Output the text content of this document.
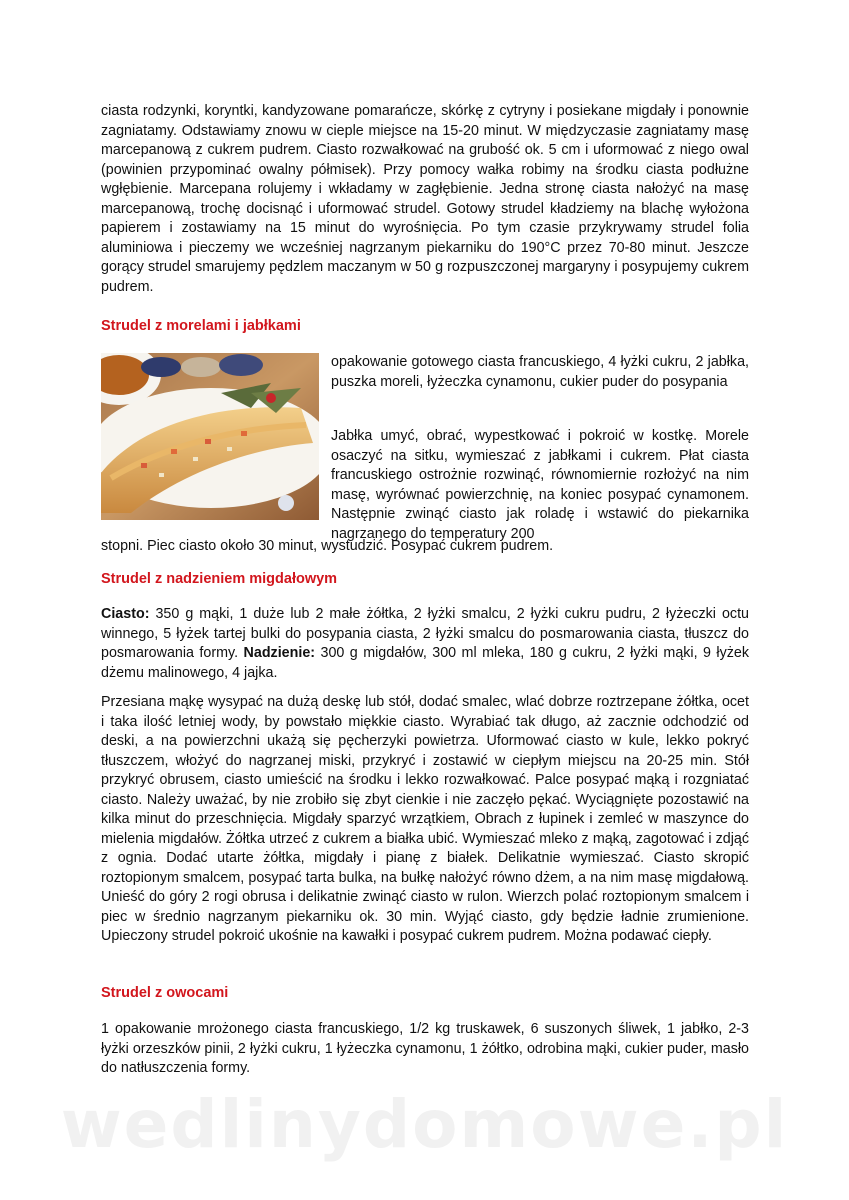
ciasta rodzynki, koryntki, kandyzowane pomarańcze, skórkę z cytryny i posiekane migdały i ponownie zagniatamy. Odstawiamy znowu w cieple miejsce na 15-20 minut. W międzyczasie zagniatamy masę marcepanową z cukrem pudrem. Ciasto rozwałkować na grubość ok. 5 cm i uformować z niego owal (powinien przypominać owalny półmisek). Przy pomocy wałka robimy na środku ciasta podłużne wgłębienie. Marcepana rolujemy i wkładamy w zagłębienie. Jedna stronę ciasta nałożyć na masę marcepanową, trochę docisnąć i uformować strudel. Gotowy strudel kładziemy na blachę wyłożona papierem i zostawiamy na 15 minut do wyrośnięcia. Po tym czasie przykrywamy strudel folia aluminiowa i pieczemy we wcześniej nagrzanym piekarniku do 190°C przez 70-80 minut. Jeszcze gorący strudel smarujemy pędzlem maczanym w 50 g rozpuszczonej margaryny i posypujemy cukrem pudrem.

Strudel z morelami i jabłkami

opakowanie gotowego ciasta francuskiego, 4 łyżki cukru, 2 jabłka, puszka moreli, łyżeczka cynamonu, cukier puder do posypania

Jabłka umyć, obrać, wypestkować i pokroić w kostkę. Morele osaczyć na sitku, wymieszać z jabłkami i cukrem. Płat ciasta francuskiego ostrożnie rozwinąć, równomiernie rozłożyć na nim masę, wyrównać powierzchnię, na koniec posypać cynamonem. Następnie zwinąć ciasto jak roladę i wstawić do piekarnika nagrzanego do temperatury 200

stopni. Piec ciasto około 30 minut, wystudzić. Posypać cukrem pudrem.

Strudel z nadzieniem migdałowym

Ciasto: 350 g mąki, 1 duże lub 2 małe żółtka, 2 łyżki smalcu, 2 łyżki cukru pudru, 2 łyżeczki octu winnego, 5 łyżek tartej bulki do posypania ciasta, 2 łyżki smalcu do posmarowania ciasta, tłuszcz do posmarowania formy. Nadzienie: 300 g migdałów, 300 ml mleka, 180 g cukru, 2 łyżki mąki, 9 łyżek dżemu malinowego, 4 jajka.

Przesiana mąkę wysypać na dużą deskę lub stół, dodać smalec, wlać dobrze roztrzepane żółtka, ocet i taka ilość letniej wody, by powstało miękkie ciasto. Wyrabiać tak długo, aż zacznie odchodzić od deski, a na powierzchni ukażą się pęcherzyki powietrza. Uformować ciasto w kule, lekko pokryć tłuszczem, włożyć do nagrzanej miski, przykryć i zostawić w ciepłym miejscu na 20-25 min. Stół przykryć obrusem, ciasto umieścić na środku i lekko rozwałkować. Palce posypać mąką i rozgniatać ciasto. Należy uważać, by nie zrobiło się zbyt cienkie i nie zaczęło pękać. Wyciągnięte pozostawić na kilka minut do przeschnięcia. Migdały sparzyć wrzątkiem, Obrach z łupinek i zemleć w maszynce do mielenia migdałów. Żółtka utrzeć z cukrem a białka ubić. Wymieszać mleko z mąką, zagotować i zdjąć z ognia. Dodać utarte żółtka, migdały i pianę z białek. Delikatnie wymieszać. Ciasto skropić roztopionym smalcem, posypać tarta bulka, na bułkę nałożyć równo dżem, a na nim masę migdałową. Unieść do góry 2 rogi obrusa i delikatnie zwinąć ciasto w rulon. Wierzch polać roztopionym smalcem i piec w średnio nagrzanym piekarniku ok. 30 min. Wyjąć ciasto, gdy będzie ładnie zrumienione. Upieczony strudel pokroić ukośnie na kawałki i posypać cukrem pudrem. Można podawać ciepły.

Strudel z owocami

1 opakowanie mrożonego ciasta francuskiego, 1/2 kg truskawek, 6 suszonych śliwek, 1 jabłko, 2-3 łyżki orzeszków pinii, 2 łyżki cukru, 1 łyżeczka cynamonu, 1 żółtko, odrobina mąki, cukier puder, masło do natłuszczenia formy.

wedlinydomowe.pl
